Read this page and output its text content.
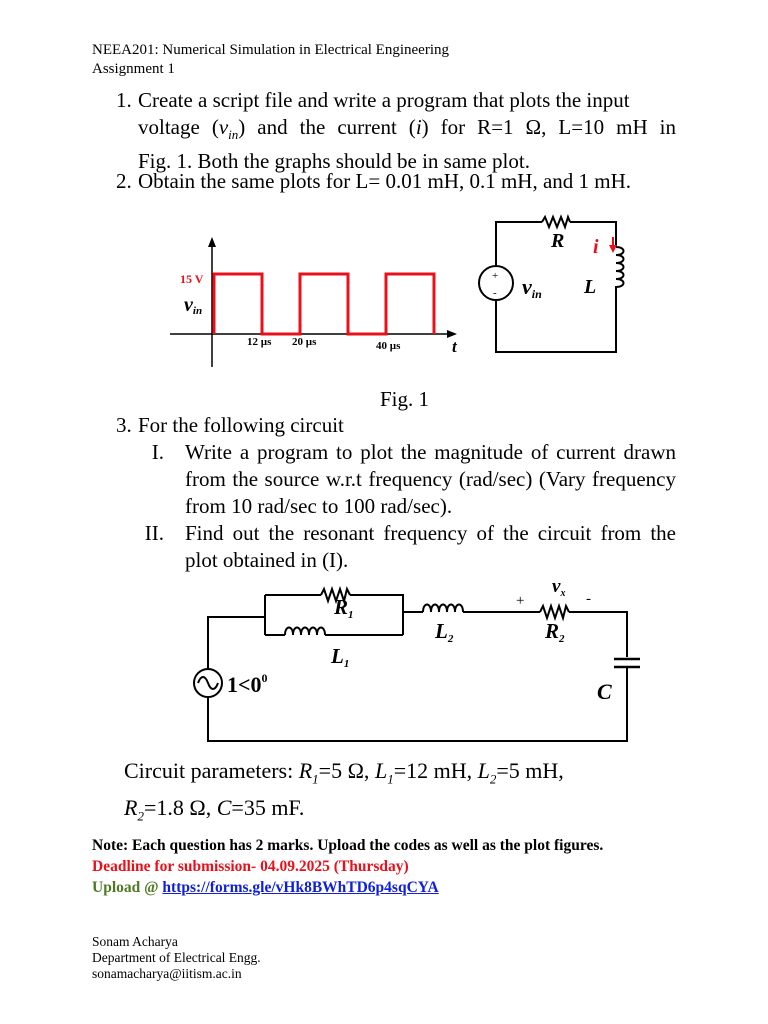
NEEA201: Numerical Simulation in Electrical Engineering
Assignment 1
1. Create a script file and write a program that plots the input
voltage $(v_{in})$ and the current (i) for R=1 Ω, L=10 mH in
Fig. 1. Both the graphs should be in same plot.
2. Obtain the same plots for L= 0.01 mH, 0.1 mH, and 1 mH.
15 V
vin
12 µs 20 µs	40 µs	t
+
-
R i
L
vin
Fig. 1
3. For the following circuit
I. Write a program to plot the magnitude of current drawn from the source w.r.t frequency (rad/sec) (Vary frequency from 10 rad/sec to 100 rad/sec).
II. Find out the resonant frequency of the circuit from the plot obtained in (I).
R1
L1
L2	R2
$v_x$
+	-
C
$1<0^0$
Circuit parameters: $R_1=5$ Ω, $L_1=12$ mH, $L_2=5$ mH,
$R_2=1.8$ Ω, C=35 mF.
Note: Each question has 2 marks. Upload the codes as well as the plot figures.
Deadline for submission- 04.09.2025 (Thursday)
Upload @ https://forms.gle/vHk8BWhTD6p4sqCYA
Sonam Acharya
Department of Electrical Engg.
sonamacharya@iitism.ac.in
